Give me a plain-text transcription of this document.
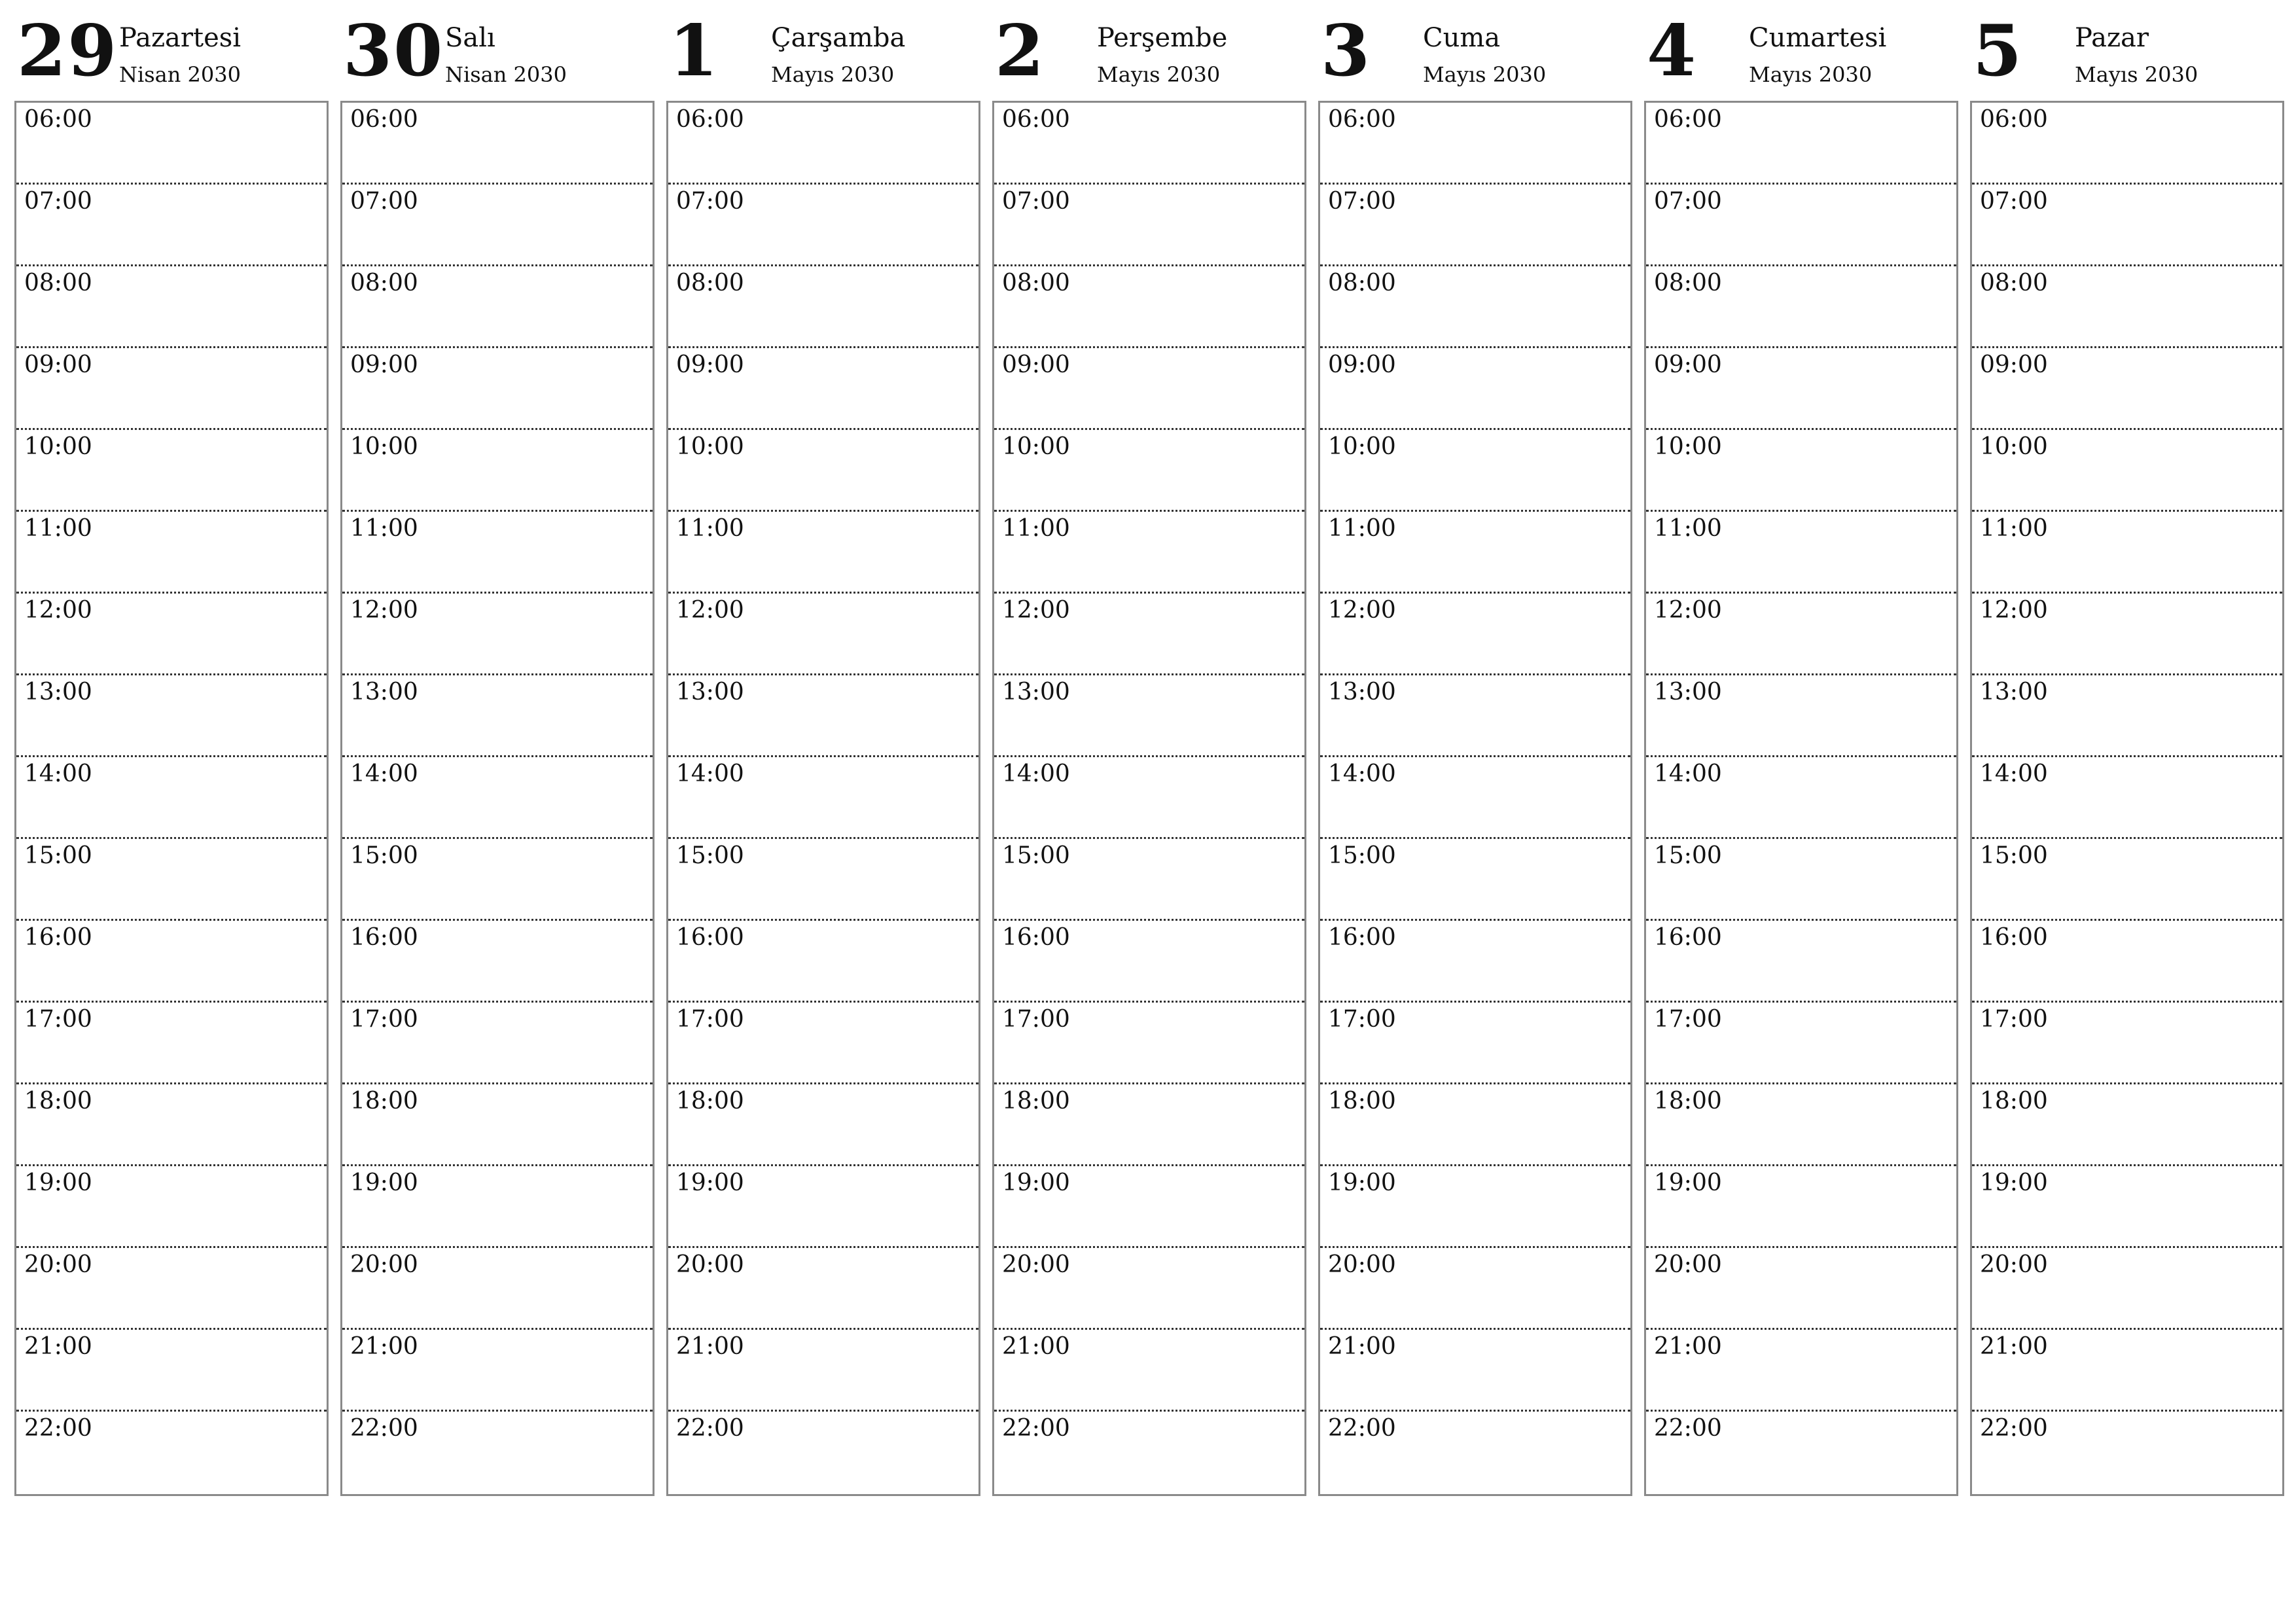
29 Pazartesi
Nisan 2030
06:00
07:00
08:00
09:00
10:00
11:00
12:00
13:00
14:00
15:00
16:00
17:00
18:00
19:00
20:00
21:00
22:00
30 Salı
Nisan 2030
06:00
07:00
08:00
09:00
10:00
11:00
12:00
13:00
14:00
15:00
16:00
17:00
18:00
19:00
20:00
21:00
22:00
1 Çarşamba
Mayıs 2030
06:00
07:00
08:00
09:00
10:00
11:00
12:00
13:00
14:00
15:00
16:00
17:00
18:00
19:00
20:00
21:00
22:00
2 Perşembe
Mayıs 2030
06:00
07:00
08:00
09:00
10:00
11:00
12:00
13:00
14:00
15:00
16:00
17:00
18:00
19:00
20:00
21:00
22:00
3 Cuma
Mayıs 2030
06:00
07:00
08:00
09:00
10:00
11:00
12:00
13:00
14:00
15:00
16:00
17:00
18:00
19:00
20:00
21:00
22:00
4 Cumartesi
Mayıs 2030
06:00
07:00
08:00
09:00
10:00
11:00
12:00
13:00
14:00
15:00
16:00
17:00
18:00
19:00
20:00
21:00
22:00
5 Pazar
Mayıs 2030
06:00
07:00
08:00
09:00
10:00
11:00
12:00
13:00
14:00
15:00
16:00
17:00
18:00
19:00
20:00
21:00
22:00
